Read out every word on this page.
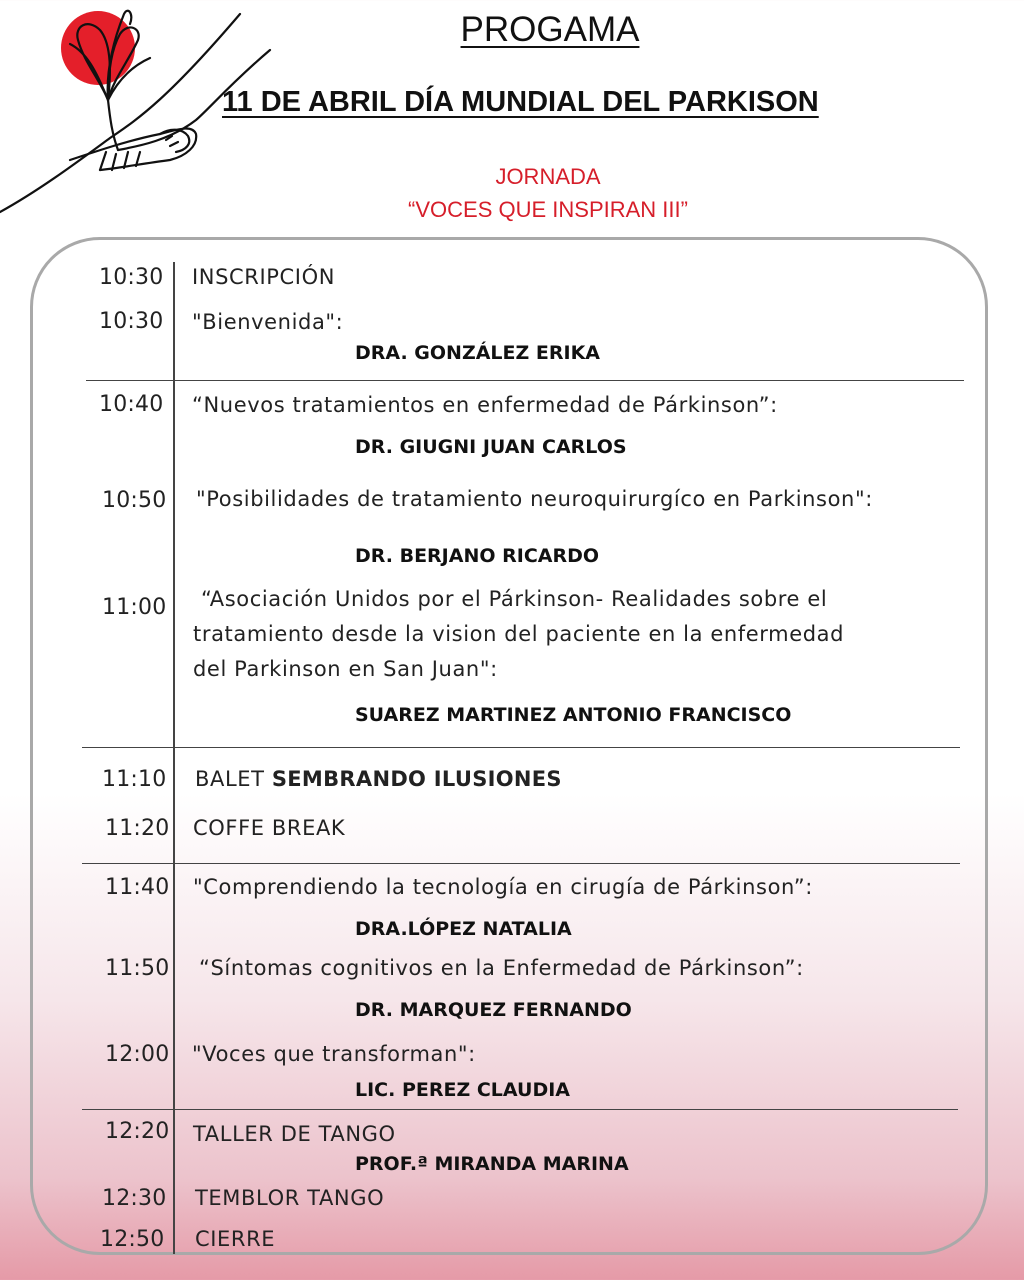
PROGAMA
11 DE ABRIL DÍA MUNDIAL DEL PARKISON
JORNADA
“VOCES QUE INSPIRAN III”
10:30 INSCRIPCIÓN
10:30 "Bienvenida":
DRA. GONZÁLEZ ERIKA
10:40 “Nuevos tratamientos en enfermedad de Párkinson”:
DR. GIUGNI JUAN CARLOS
10:50 "Posibilidades de tratamiento neuroquirurgíco en Parkinson":
DR. BERJANO RICARDO
11:00	“Asociación Unidos por el Párkinson- Realidades sobre el
tratamiento desde la vision del paciente en la enfermedad
del Parkinson en San Juan":
SUAREZ MARTINEZ ANTONIO FRANCISCO
11:10 BALET SEMBRANDO ILUSIONES
11:20 COFFE BREAK
11:40 "Comprendiendo la tecnología en cirugía de Párkinson”:
DRA.LÓPEZ NATALIA
11:50 “Síntomas cognitivos en la Enfermedad de Párkinson”:
DR. MARQUEZ FERNANDO
12:00 "Voces que transforman":
LIC. PEREZ CLAUDIA
12:20 TALLER DE TANGO
PROF.ª MIRANDA MARINA
12:30 TEMBLOR TANGO
12:50 CIERRE
